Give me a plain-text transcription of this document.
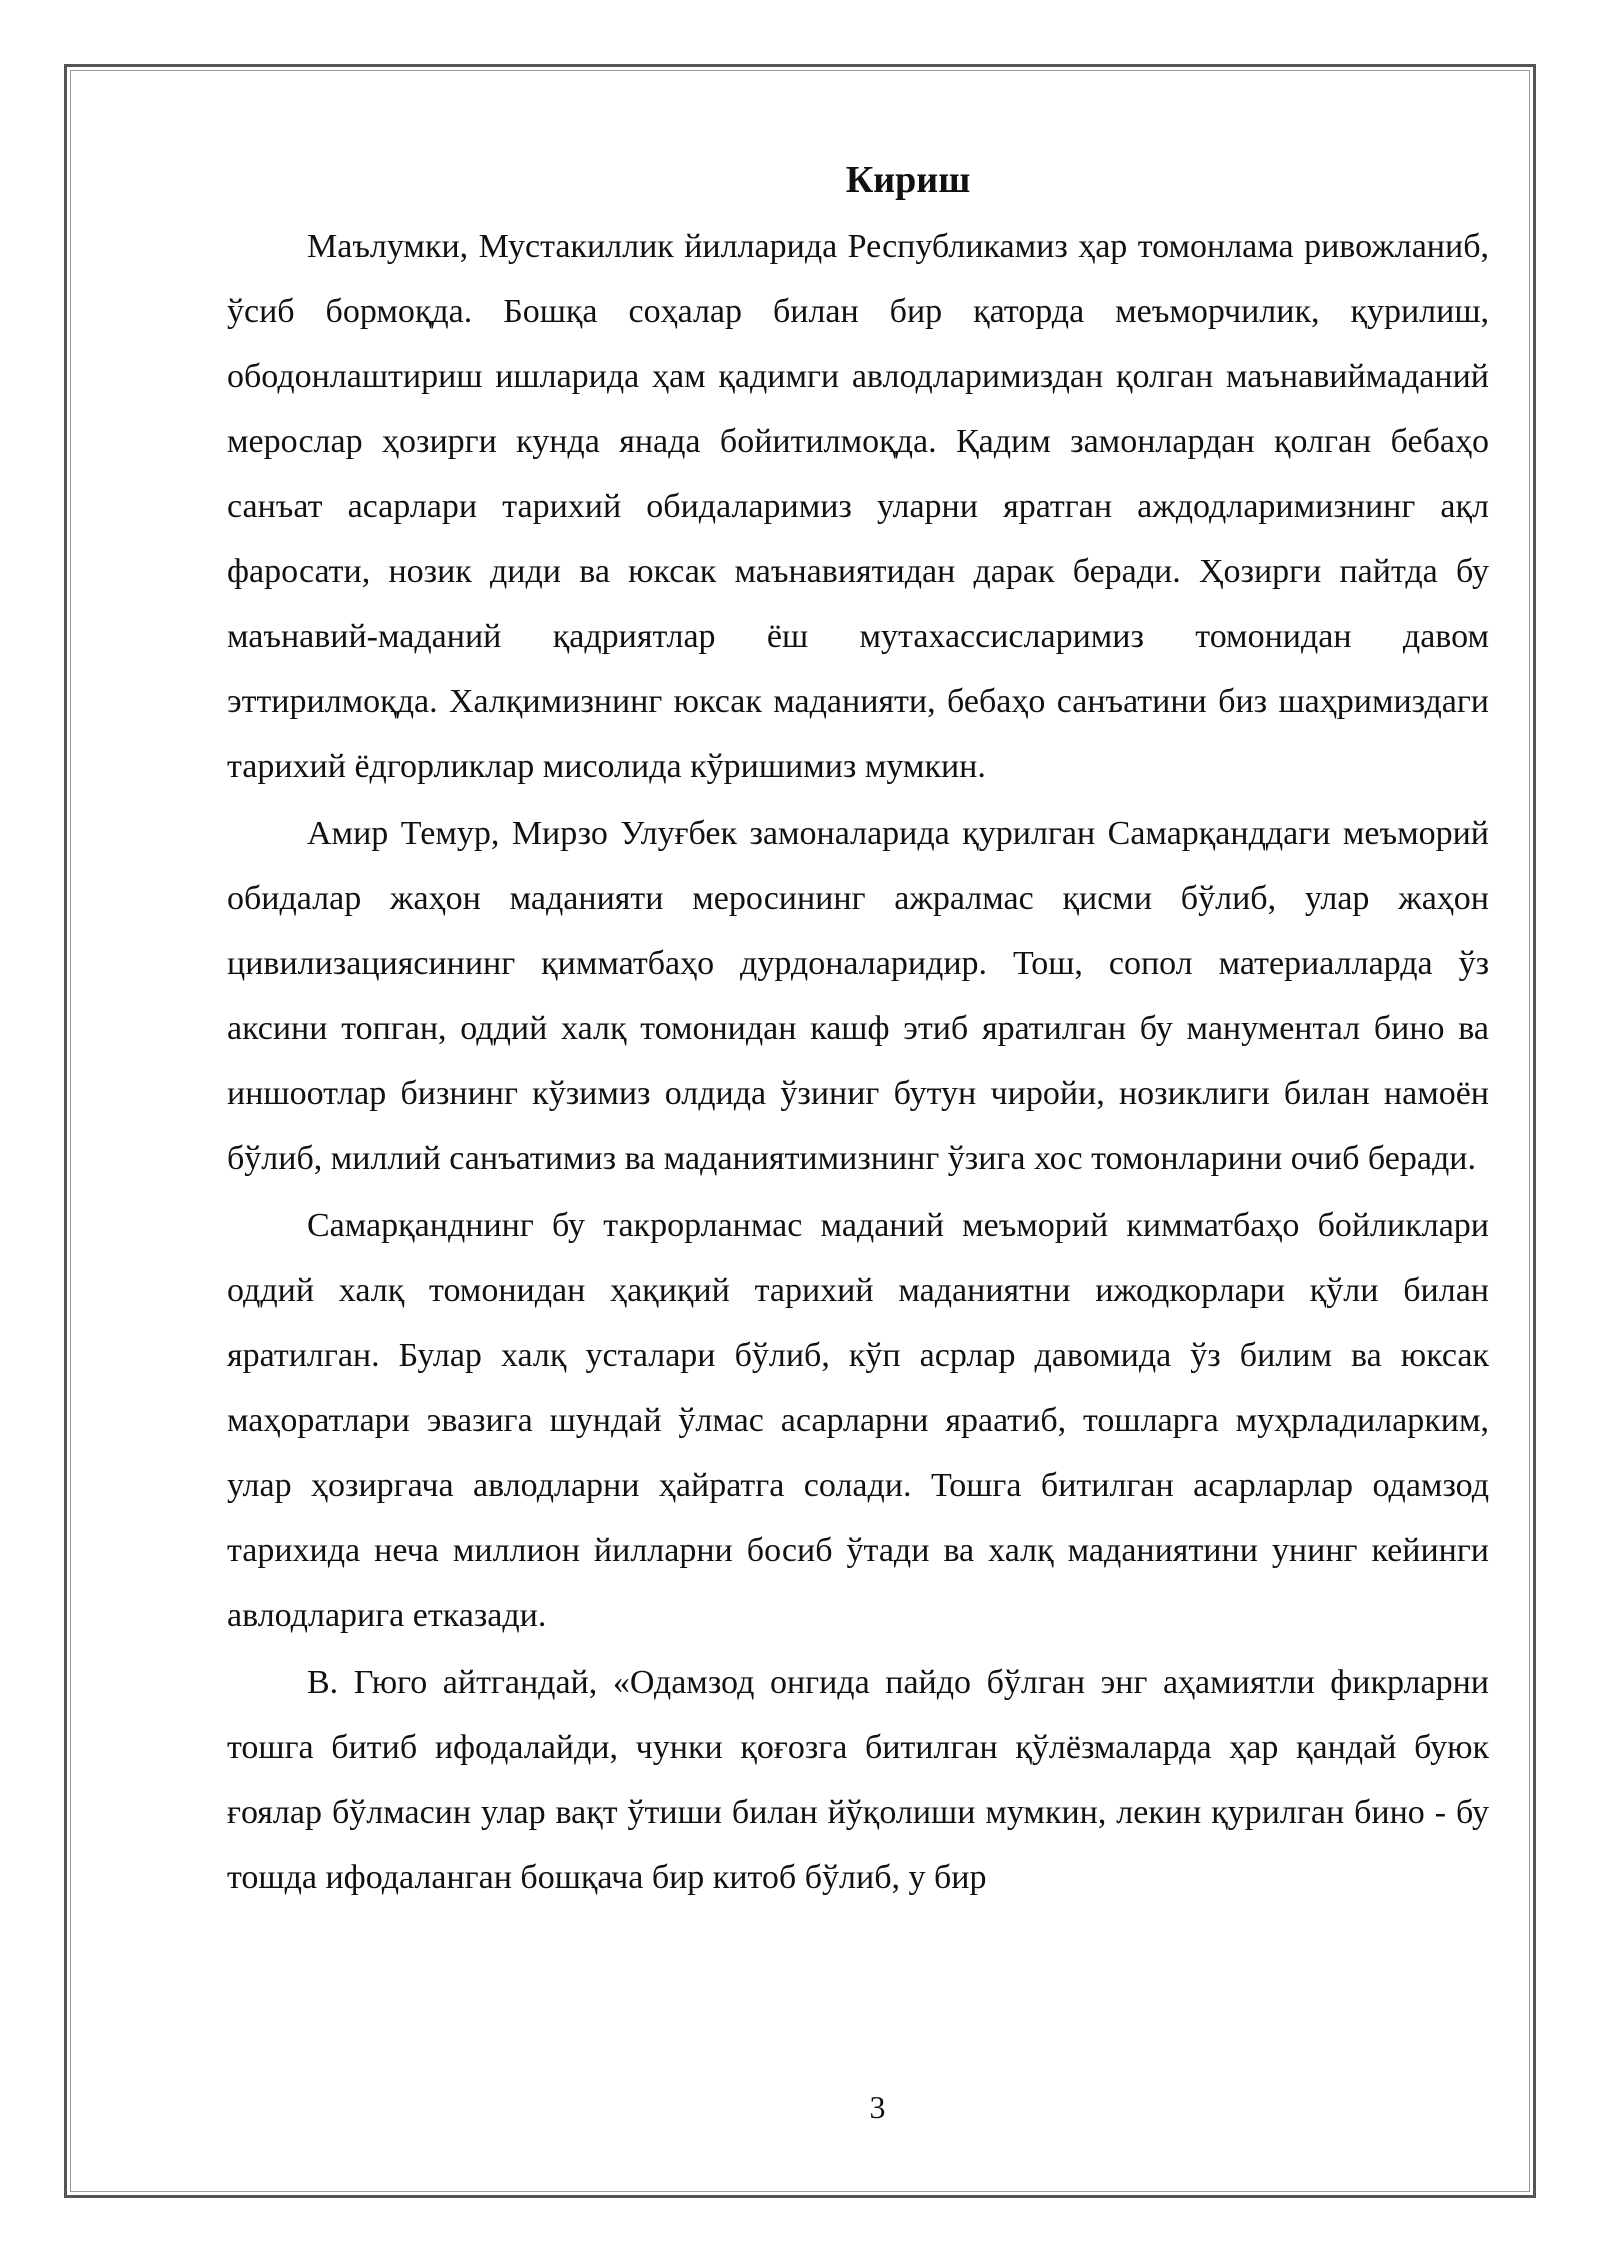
Кириш

Маълумки, Мустакиллик йилларида Республикамиз ҳар томонлама ривожланиб, ўсиб бормоқда. Бошқа соҳалар билан бир қаторда меъморчилик, қурилиш, ободонлаштириш ишларида ҳам қадимги авлодларимиздан қолган маънавиймаданий мерослар ҳозирги кунда янада бойитилмоқда. Қадим замонлардан қолган бебаҳо санъат асарлари тарихий обидаларимиз уларни яратган аждодларимизнинг ақл фаросати, нозик диди ва юксак маънавиятидан дарак беради. Ҳозирги пайтда бу маънавий-маданий қадриятлар ёш мутахассисларимиз томонидан давом эттирилмоқда. Халқимизнинг юксак маданияти, бебаҳо санъатини биз шаҳримиздаги тарихий ёдгорликлар мисолида кўришимиз мумкин.

Амир Темур, Мирзо Улуғбек замоналарида қурилган Самарқанддаги меъморий обидалар жаҳон маданияти меросининг ажралмас қисми бўлиб, улар жаҳон цивилизациясининг қимматбаҳо дурдоналаридир. Тош, сопол материалларда ўз аксини топган, оддий халқ томонидан кашф этиб яратилган бу манументал бино ва иншоотлар бизнинг кўзимиз олдида ўзиниг бутун чиройи, нозиклиги билан намоён бўлиб, миллий санъатимиз ва маданиятимизнинг ўзига хос томонларини очиб беради.

Самарқанднинг бу такрорланмас маданий меъморий кимматбаҳо бойликлари оддий халқ томонидан ҳақиқий тарихий маданиятни ижодкорлари қўли билан яратилган. Булар халқ усталари бўлиб, кўп асрлар давомида ўз билим ва юксак маҳоратлари эвазига шундай ўлмас асарларни яраатиб, тошларга муҳрладиларким, улар ҳозиргача авлодларни ҳайратга солади. Тошга битилган асарларлар одамзод тарихида неча миллион йилларни босиб ўтади ва халқ маданиятини унинг кейинги авлодларига етказади.

В. Гюго айтгандай, «Одамзод онгида пайдо бўлган энг аҳамиятли фикрларни тошга битиб ифодалайди, чунки қоғозга битилган қўлёзмаларда ҳар қандай буюк ғоялар бўлмасин улар вақт ўтиши билан йўқолиши мумкин, лекин қурилган бино - бу тошда ифодаланган бошқача бир китоб бўлиб, у бир

3
